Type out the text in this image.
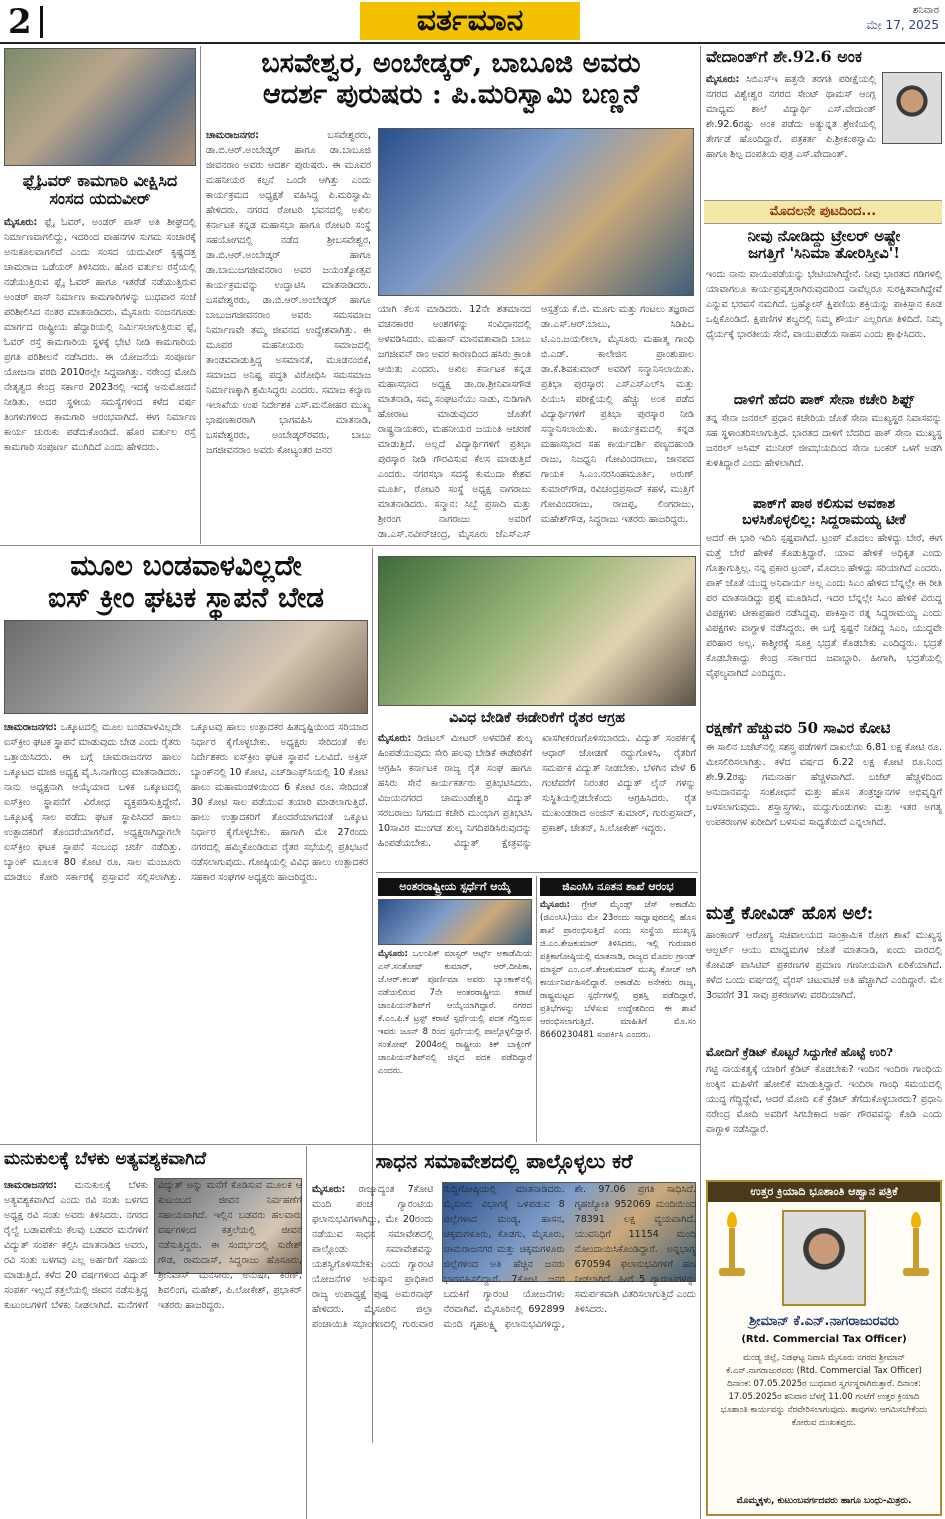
2	ವರ್ತಮಾನ	ಶನಿವಾರ
ಮೇ 17, 2025
ಫ್ಲೈಓವರ್ ಕಾಮಗಾರಿ ವೀಕ್ಷಿಸಿದ ಸಂಸದ ಯದುವೀರ್
ಮೈಸೂರು: ಫ್ಲೈ ಓವರ್, ಅಂಡರ್ ಪಾಸ್ ಅತಿ ಶೀಘ್ರದಲ್ಲಿ ನಿರ್ಮಾಣವಾಗಲಿದ್ದು, ಇದರಿಂದ ವಾಹನಗಳ ಸುಗಮ ಸಂಚಾರಕ್ಕೆ ಅನುಕೂಲವಾಗಲಿದೆ ಎಂದು ಸಂಸದ ಯದುವೀರ್ ಕೃಷ್ಣದತ್ತ ಚಾಮರಾಜ ಒಡೆಯರ್ ತಿಳಿಸಿದರು. ಹೊರ ವರ್ತುಲ ರಸ್ತೆಯಲ್ಲಿ ನಡೆಯುತ್ತಿರುವ ಫ್ಲೈ ಓವರ್ ಹಾಗೂ ಇತರೆಡೆ ನಡೆಯುತ್ತಿರುವ ಅಂಡರ್ ಪಾಸ್ ನಿರ್ಮಾಣ ಕಾಮಗಾರಿಗಳನ್ನು ಬುಧವಾರ ಸಂಜೆ ಪರಿಶೀಲಿಸಿದ ನಂತರ ಮಾತನಾಡಿದರು. ಮೈಸೂರು ನಂಜನಗೂಡು ಮಾರ್ಗದ ರಾಷ್ಟ್ರೀಯ ಹೆದ್ದಾರಿಯಲ್ಲಿ ನಿರ್ಮಿಸಲಾಗುತ್ತಿರುವ ಫ್ಲೈ ಓವರ್ ರಸ್ತೆ ಕಾಮಗಾರಿಯ ಸ್ಥಳಕ್ಕೆ ಭೇಟಿ ನೀಡಿ ಕಾಮಗಾರಿಯ ಪ್ರಗತಿ ಪರಿಶೀಲನೆ ನಡೆಸಿದರು. ಈ ಯೋಜನೆಯ ಸಂಪೂರ್ಣ ಯೋಜನಾ ವರದಿ 2010ರಲ್ಲೇ ಸಿದ್ಧವಾಗಿತ್ತು. ನರೇಂದ್ರ ಮೋದಿ ನೇತೃತ್ವದ ಕೇಂದ್ರ ಸರ್ಕಾರ 2023ರಲ್ಲಿ ಇದಕ್ಕೆ ಅನುಮೋದನೆ ನೀಡಿತು. ಅದರ ಸ್ಥಳೀಯ ಸಮಸ್ಯೆಗಳಿಂದ ಕಳೆದ ವರ್ಷ ತಿಂಗಳುಗಳಿಂದ ಕಾಮಗಾರಿ ಆರಂಭವಾಗಿದೆ. ಈಗ ನಿರ್ಮಾಣ ಕಾರ್ಯ ಚುರುಕು ಪಡೆದುಕೊಂಡಿದೆ. ಹೊರ ವರ್ತುಲ ರಸ್ತೆ ಕಾಮಗಾರಿ ಸಂಪೂರ್ಣ ಮುಗಿದಿದೆ ಎಂದು ಹೇಳಿದರು.
ಬಸವೇಶ್ವರ, ಅಂಬೇಡ್ಕರ್, ಬಾಬೂಜಿ ಅವರು
ಆದರ್ಶ ಪುರುಷರು : ಪಿ.ಮರಿಸ್ವಾಮಿ ಬಣ್ಣನೆ
ಚಾಮರಾಜನಗರ:	ಬಸವೇಶ್ವರರು, ಡಾ.ಬಿ.ಆರ್.ಅಂಬೇಡ್ಕರ್ ಹಾಗೂ ಡಾ.ಬಾಬೂಜಿ ಜೀವನರಾಂ ಅವರು ಆದರ್ಶ ಪುರುಷರು. ಈ ಮೂವರ ಮಹನೀಯರ ಕಲ್ಪನೆ ಒಂದೇ ಆಗಿತ್ತು ಎಂದು ಕಾರ್ಯಕ್ರಮದ ಅಧ್ಯಕ್ಷತೆ ವಹಿಸಿದ್ದ ಪಿ.ಮರಿಸ್ವಾಮಿ ಹೇಳಿದರು. ನಗರದ ರೋಟರಿ ಭವನದಲ್ಲಿ ಅಖಿಲ ಕರ್ನಾಟಕ ಕನ್ನಡ ಮಹಾಸಭಾ ಹಾಗೂ ರೋಟರಿ ಸಂಸ್ಥೆ ಸಹಯೋಗದಲ್ಲಿ ನಡೆದ ಶ್ರೀಬಸವೇಶ್ವರ, ಡಾ.ಬಿ.ಆರ್.ಅಂಬೇಡ್ಕರ್ ಹಾಗೂ ಡಾ.ಬಾಬುಜಗಜೀವನರಾಂ ಅವರ ಜಯಂತ್ಯೋತ್ಸವ ಕಾರ್ಯಕ್ರಮವನ್ನು ಉದ್ಘಾಟಿಸಿ ಮಾತನಾಡಿದರು. ಬಸವೇಶ್ವರರು, ಡಾ.ಬಿ.ಆರ್.ಅಂಬೇಡ್ಕರ್ ಹಾಗೂ ಬಾಬುಜಗಜೀವನರಾಂ ಅವರು ಸಮಸಮಾಜ ನಿರ್ಮಾಣವೇ ತಮ್ಮ ಜೀವನದ ಉದ್ದೇಶವಾಗಿತ್ತು. ಈ ಮೂವರ ಮಹನೀಯರು ಸಮಾಜದಲ್ಲಿ ತಾಂಡವವಾಡುತ್ತಿದ್ದ ಅಸಮಾನತೆ, ಮೂಡನಂಬಿಕೆ, ಸಮಾಜದ ಅನಿಷ್ಟ ಪದ್ಧತಿ ವಿರೋಧಿಸಿ ಸಮಸಮಾಜ ನಿರ್ಮಾಣಕ್ಕಾಗಿ ಶ್ರಮಿಸಿದ್ದರು ಎಂದರು. ಸಮಾಜ ಕಲ್ಯಾಣ ಇಲಾಖೆಯ ಉಪ ನಿರ್ದೇಶಕ ಎಸ್.ಮನೋಹರ ಮುಖ್ಯ ಭಾಷಣಕಾರರಾಗಿ ಭಾಗವಹಿಸಿ ಮಾತನಾಡಿ, ಬಸವೇಶ್ವರರು, ಅಂಬೇಡ್ಕರ್‌ರವರು, ಬಾಬು ಜಗಜೀವನರಾಂ ಅವರು ಕೋಟ್ಯಂತರ ಜನರ
ಯಾಗಿ ಕೆಲಸ ಮಾಡಿದರು. 12ನೇ ಶತಮಾನದ ವಚನಕಾರರ ಅಂಶಗಳನ್ನು ಸಂವಿಧಾನದಲ್ಲಿ ಅಳವಡಿಸಿದರು. ಮಹಾನ್ ಮಾನವತಾವಾದಿ ಬಾಬು ಜಗಜೀವನ್ ರಾಂ ಅವರ ಕಾರಣದಿಂದ ಹಸಿರು ಕ್ರಾಂತಿ ಆಯಿತು ಎಂದರು. ಅಖಿಲ ಕರ್ನಾಟಕ ಕನ್ನಡ ಮಹಾಸಭಾದ ಅಧ್ಯಕ್ಷ ಡಾ.ರಾ.ಶ್ರೀನಿವಾಸಗೌಡ ಮಾತನಾಡಿ, ಸಮ್ಮ ಸಂಘಟನೆಯು ನಾಡು, ನುಡಿಗಾಗಿ ಹೋರಾಟ ಮಾಡುವುದರ ಜೊತೆಗೆ ರಾಷ್ಟ್ರನಾಯಕರು, ಮಹನೀಯರ ಜಯಂತಿ ಆಚರಣೆ ಮಾಡುತ್ತಿದೆ. ಅಲ್ಲದೆ ವಿದ್ಯಾರ್ಥಿಗಳಿಗೆ ಪ್ರತಿಭಾ ಪುರಸ್ಕಾರ ನೀಡಿ ಗೌರವಿಸುವ ಕೆಲಸ ಮಾಡುತ್ತಿದೆ ಎಂದರು. ನಗರಸಭಾ ಸದಸ್ಯೆ ಕುಮುದಾ ಕೇಶವ ಮೂರ್ತಿ, ರೋಟರಿ ಸಂಸ್ಥೆ ಅಧ್ಯಕ್ಷ ನಾಗರಾಜು ಮಾತನಾಡಿದರು. ಸನ್ಮಾನ: ಸಿಬ್ಬೆ ಪ್ರಸಾದಿ ಮತ್ತು ಶ್ರೀರಂಗ ನಾಗರಾಜು ಅವರಿಗೆ ಡಾ.ಎಸ್.ನವೀನ್‌ಚಂದ್ರ, ಮೈಸೂರು ಜೆಎಸ್‌ಎಸ್ ಆಸ್ಪತ್ರೆಯ ಕೆ.ಬಿ. ಮೂಗು ಮತ್ತು ಗಂಟಲು ತಜ್ಞರಾದ ಡಾ.ಎಸ್.ಆರ್.ಬಾಬು, ಸಿಡಿಪಿಒ ಟಿ.ಎಂ.ಜಯಲೀಲಾ, ಮೈಸೂರು ಮಹಾತ್ಮ ಗಾಂಧಿ ಬಿ.ಎಡ್. ಕಾಲೇಜಿನ ಪ್ರಾಂಶುಪಾಲ ಡಾ.ಕೆ.ಶಿವಕುಮಾರ್ ಅವರಿಗೆ ಸನ್ಮಾನಿಸಲಾಯಿತು. ಪ್ರತಿಭಾ ಪುರಸ್ಕಾರ: ಎಸ್‌ಎಸ್‌ಎಲ್‌ಸಿ ಮತ್ತು ಪಿಯುಸಿ ಪರೀಕ್ಷೆಯಲ್ಲಿ ಹೆಚ್ಚು ಅಂಕ ಪಡೆದ ವಿದ್ಯಾರ್ಥಿಗಳಿಗೆ ಪ್ರತಿಭಾ ಪುರಸ್ಕಾರ ನೀಡಿ ಸನ್ಮಾನಿಸಲಾಯಿತು. ಕಾರ್ಯಕ್ರಮದಲ್ಲಿ ಕನ್ನಡ ಮಹಾಸಭಾದ ಸಹ ಕಾರ್ಯದರ್ಶಿ ಪಣ್ಯದಹುಂಡಿ ರಾಜು, ನಿಜಧ್ವನಿ ಗೋವಿಂದರಾಜು, ಜಾನಪದ ಗಾಯಕ ಸಿ.ಎಂ.ನರಸಿಂಹಮೂರ್ತಿ, ಅರುಣ್ ಕುಮಾರ್‌ಗೌಡ, ರವಿಚಂದ್ರಪ್ರಸಾದ್ ಕಹಳೆ, ಮುತ್ತಿಗೆ ಗೋವಿಂದರಾಜು, ರಾಜಪ್ಪ, ಲಿಂಗರಾಜು, ಮಹೇಶ್‌ಗೌಡ, ಸಿದ್ದರಾಜು ಇತರರು ಹಾಜರಿದ್ದರು.
ವೇದಾಂತ್‌ಗೆ ಶೇ.92.6 ಅಂಕ
ಮೈಸೂರು: ಸಿಬಿಎಸ್‌ಇ ಹತ್ತನೇ ತರಗತಿ ಪರೀಕ್ಷೆಯಲ್ಲಿ ನಗರದ ವಿಶ್ವೇಶ್ವರ ನಗರದ ಸೇಂಟ್ ಥಾಮಸ್ ಆಂಗ್ಲ ಮಾಧ್ಯಮ ಶಾಲೆ ವಿದ್ಯಾರ್ಥಿ ಎಸ್.ವೇದಾಂತ್ ಶೇ.92.6ರಷ್ಟು ಅಂಕ ಪಡೆದು ಅತ್ಯುನ್ನತ ಶ್ರೇಣಿಯಲ್ಲಿ ತೇರ್ಗಡೆ ಹೊಂದಿದ್ದಾರೆ. ಪತ್ರಕರ್ತ ಪಿ.ಶ್ರೀಕಂಠಸ್ವಾಮಿ ಹಾಗೂ ಶಿಲ್ಪ ದಂಪತಿಯ ಪುತ್ರ ಎಸ್.ವೇದಾಂತ್.
ಮೊದಲನೇ ಪುಟದಿಂದ...
ನೀವು ನೋಡಿದ್ದು ಟ್ರೇಲರ್ ಅಷ್ಟೇ
ಜಗತ್ತಿಗೆ 'ಸಿನಿಮಾ ತೋರಿಸ್ತೀವಿ'!
ಇಂದು ನಾನು ವಾಯುಪಡೆಯನ್ನು ಭೇಟಿಯಾಗಿದ್ದೇನೆ. ನೀವು ಭಾರತದ ಗಡಿಗಳಲ್ಲಿ ಯಾವಾಗಲೂ ಕಾರ್ಯಪ್ರವೃತ್ತರಾಗಿರುವುದರಿಂದ ನಾವೆಲ್ಲರೂ ಸುರಕ್ಷಿತವಾಗಿದ್ದೇವೆ ಎನ್ನುವ ಭರವಸೆ ನಮಗಿದೆ. ಬ್ರಹ್ಮೋಸ್ ಕ್ಷಿಪಣಿಯ ಶಕ್ತಿಯನ್ನು ಪಾಕಿಸ್ತಾನ ಕೂಡ ಒಪ್ಪಿಕೊಂಡಿದೆ. ಕ್ಷಿಪಣಿಗಳ ಶಬ್ದದಲ್ಲಿ ನಿಮ್ಮ ಶೌರ್ಯ ಎಲ್ಲರಿಗೂ ತಿಳಿದಿದೆ. ನಿಮ್ಮ ಧೈರ್ಯಕ್ಕೆ ಭಾರತೀಯ ಸೇನೆ, ವಾಯುಪಡೆಯ ಸಾಹಸ ಎಂದು ಶ್ಲಾಘಿಸಿದರು.
ದಾಳಿಗೆ ಹೆದರಿ ಪಾಕ್ ಸೇನಾ ಕಚೇರಿ ಶಿಫ್ಟ್
ತನ್ನ ಸೇನಾ ಜನರಲ್ ಪ್ರಧಾನ ಕಚೇರಿಯ ಜೊತೆ ಸೇನಾ ಮುಖ್ಯಸ್ಥರ ನಿವಾಸವನ್ನು ಸಹ ಸ್ಥಳಾಂತರಿಸಲಾಗುತ್ತಿದೆ. ಭಾರತದ ದಾಳಿಗೆ ಬೆದರಿದ ಪಾಕ್ ಸೇನಾ ಮುಖ್ಯಸ್ಥ ಜನರಲ್ ಅಸಿಮ್ ಮುನೀರ್ ಜೀವಭಯದಿಂದ ಸೇನಾ ಬಂಕರ್ ಒಳಗೆ ಅಡಗಿ ಕುಳಿತಿದ್ದಾರೆ ಎಂದು ಹೇಳಲಾಗಿದೆ.
ಪಾಕ್‌ಗೆ ಪಾಠ ಕಲಿಸುವ ಅವಕಾಶ
ಬಳಸಿಕೊಳ್ಳಲಿಲ್ಲ: ಸಿದ್ದರಾಮಯ್ಯ ಟೀಕೆ
ಅದರೆ ಈ ಭಾರಿ ಇದಿನಿ ಸ್ಪಷ್ಟವಾಗಿದೆ. ಟ್ರಂಪ್ ಮೊದಲು ಹೇಳಿದ್ದು ಬೇರೆ, ಈಗ ಮತ್ತೆ ಬೇರೆ ಹೇಳಿಕೆ ಕೊಡುತ್ತಿದ್ದಾರೆ. ಯಾವ ಹೇಳಿಕೆ ಅಧಿಕೃತ ಎಂದು ಗೊತ್ತಾಗುತ್ತಿಲ್ಲ. ನನ್ನ ಪ್ರಕಾರ ಟ್ರಂಪ್, ಮೊದಲು ಹೇಳಿದ್ದು ಸರಿಯಾಗಿದೆ ಎಂದರು. ಪಾಕ್ ಜೊತೆ ಯುದ್ಧ ಅನಿವಾರ್ಯ ಅಲ್ಲ ಎಂದು ಸಿಎಂ ಹೇಳಿದ ಬೆನ್ನಲ್ಲೇ ಈ ರೀತಿ ಪರ ಮಾತನಾಡಿದ್ದು ಪ್ರಶ್ನೆ ಮೂಡಿಸಿದೆ. ಇದರ ಬೆನ್ನಲ್ಲೇ ಸಿಎಂ ಹೇಳಿಕೆ ವಿರುದ್ಧ ವಿಪಕ್ಷಗಳು ಟೀಕಾಪ್ರಹಾರ ನಡೆಸಿದ್ದವು. ಪಾಕಿಸ್ತಾನ ರತ್ನ ಸಿದ್ದರಾಮಯ್ಯ ಎಂದು ವಿಪಕ್ಷಗಳು ವಾಗ್ದಾಳಿ ನಡೆಸಿದ್ದರು. ಈ ಬಗ್ಗೆ ಸ್ಪಷ್ಟನೆ ನೀಡಿದ್ದ ಸಿಎಂ, ಯುದ್ಧವೇ ಪರಿಹಾರ ಅಲ್ಲ. ಕಾಶ್ಮೀರಕ್ಕೆ ಸೂಕ್ತ ಭದ್ರತೆ ಕೊಡಬೇಕು ಎಂದಿದ್ದರು. ಭದ್ರತೆ ಕೊಡಬೇಕಾದ್ದು ಕೇಂದ್ರ ಸರ್ಕಾರದ ಜವಾಬ್ದಾರಿ. ಹೀಗಾಗಿ, ಭದ್ರತೆಯಲ್ಲಿ ವೈಫಲ್ಯವಾಗಿದೆ ಎಂದಿದ್ದರು.
ರಕ್ಷಣೆಗೆ ಹೆಚ್ಚುವರಿ 50 ಸಾವಿರ ಕೋಟಿ
ಈ ಸಾಲಿನ ಬಜೆಟ್‌ನಲ್ಲಿ ಸಶಸ್ತ್ರ ಪಡೆಗಳಿಗೆ ದಾಖಲೆಯ 6.81 ಲಕ್ಷ ಕೋಟಿ ರೂ. ಮೀಸಲಿರಿಸಲಾಗಿತ್ತು. ಕಳೆದ ವರ್ಷದ 6.22 ಲಕ್ಷ ಕೋಟಿ ರೂ.ನಿಂದ ಶೇ.9.2ರಷ್ಟು ಗಮನಾರ್ಹ ಹೆಚ್ಚಳವಾಗಿದೆ. ಬಜೆಟ್ ಹೆಚ್ಚಳದಿಂದ ಅನುದಾನವನ್ನು ಸಂಶೋಧನೆ ಮತ್ತು ಹೊಸ ತಂತ್ರಜ್ಞಾನಗಳ ಅಭಿವೃದ್ಧಿಗೆ ಬಳಸಲಾಗುವುದು. ಶಸ್ತ್ರಾಸ್ತ್ರಗಳು, ಮದ್ದುಗುಂಡುಗಳು ಮತ್ತು ಇತರ ಅಗತ್ಯ ಉಪಕರಣಗಳ ಖರೀದಿಗೆ ಬಳಸುವ ಸಾಧ್ಯತೆಯಿದೆ ಎನ್ನಲಾಗಿದೆ.
ಮತ್ತೆ ಕೋವಿಡ್ ಹೊಸ ಅಲೆ:
ಹಾಂಕಾಂಗ್ ಆರೋಗ್ಯ ಸಚಿವಾಲಯದ ಸಾಂಕ್ರಾಮಿಕ ರೋಗ ಶಾಖೆ ಮುಖ್ಯಸ್ಥ ಆಲ್ಬರ್ಟ್ ಆಯು ಮಾಧ್ಯಮಗಳ ಜೊತೆ ಮಾತನಾಡಿ, ಏಂದು ವಾರದಲ್ಲಿ ಕೋವಿಡ್ ಪಾಸಿಟಿವ್ ಪ್ರಕರಣಗಳ ಪ್ರಮಾಣ ಗಣನೀಯವಾಗಿ ಏರಿಕೆಯಾಗಿದೆ. ಕಳೆದ ಒಂದು ವರ್ಷದಲ್ಲಿ ವೈರಸ್ ಚಟುವಟಿಕೆ ಅತಿ ಹೆಚ್ಚಾಗಿದೆ ಎಂದಿದ್ದಾರೆ. ಮೇ 3ರವರೆಗೆ 31 ಸಾವು ಪ್ರಕರಣಗಳು ವರದಿಯಾಗಿದೆ.
ಮೋದಿಗೆ ಕ್ರೆಡಿಟ್ ಕೊಟ್ಟರೆ ಸಿದ್ದುಗೇಕೆ ಹೊಟ್ಟೆ ಉರಿ?
ಗಟ್ಟಿ ನಾಯಕತ್ವಕ್ಕೆ ಯಾರಿಗೆ ಕ್ರೆಡಿಟ್ ಕೊಡಬೇಕು? ಇಂದಿನ ಇಂದಿರಾ ಗಾಂಧಿಯ ಉಕ್ಕಿನ ಮಹಿಳೆಗೆ ಹೋಲಿಕೆ ಮಾಡುತ್ತಿದ್ದಾರೆ. ಇಂದಿರಾ ಗಾಂಧಿ ಸಮಯದಲ್ಲಿ ಯುದ್ಧ ಗೆದ್ದಿದ್ದೇವೆ, ಆದರೆ ಮೋದಿ ಏಕೆ ಕ್ರೆಡಿಟ್ ತೆಗೆದುಕೊಳ್ಳಬಾರದು? ಪ್ರಧಾನಿ ನರೇಂದ್ರ ಮೋದಿ ಅವರಿಗೆ ಸಿಗಬೇಕಾದ ಅರ್ಹ ಗೌರವವನ್ನು ಕೊಡಿ ಎಂದು ವಾಗ್ದಾಳಿ ನಡೆಸಿದ್ದಾರೆ.
ಉತ್ತರ ಕ್ರಿಯಾದಿ ಭೂಶಾಂತಿ ಆಹ್ವಾನ ಪತ್ರಿಕೆ
ಶ್ರೀಮಾನ್ ಕೆ.ಎನ್.ನಾಗರಾಜುರವರು
(Rtd. Commercial Tax Officer)
ಮಂಡ್ಯ ಜಿಲ್ಲೆ, ನಿಡಘಟ್ಟ ನಿವಾಸಿ ಮೈಸೂರು ನಗರದ ಶ್ರೀಮಾನ್ ಕೆ.ಎನ್.ನಾಗರಾಜುರವರು (Rtd. Commercial Tax Officer) ದಿನಾಂಕ: 07.05.2025ರ ಬುಧವಾರ ಸ್ವರ್ಗಸ್ಥರಾಗಿರುತ್ತಾರೆ. ದಿನಾಂಕ: 17.05.2025ರ ಶನಿವಾರ ಬೆಳಗ್ಗೆ 11.00 ಗಂಟೆಗೆ ಉತ್ತರ ಕ್ರಿಯಾದಿ ಭೂಶಾಂತಿ ಕಾರ್ಯವನ್ನು ನೆರವೇರಿಸಲಾಗುವುದು. ತಾವುಗಳು ಆಗಮಿಸಬೇಕೆಂದು ಕೋರುವ ದುಃಖತಪ್ತರು.
ಮೊಮ್ಮಕ್ಕಳು, ಕುಟುಂಬವರ್ಗದವರು ಹಾಗೂ ಬಂಧು-ಮಿತ್ರರು.
ಮೂಲ ಬಂಡವಾಳವಿಲ್ಲದೇ
ಐಸ್ ಕ್ರೀಂ ಘಟಕ ಸ್ಥಾಪನೆ ಬೇಡ
ಚಾಮರಾಜನಗರ: ಒಕ್ಕೂಟದಲ್ಲಿ ಮೂಲ ಬಂಡವಾಳವಿಲ್ಲದೇ ಐಸ್‌ಕ್ರೀಂ ಘಟಕ ಸ್ಥಾಪನೆ ಮಾಡುವುದು ಬೇಡ ಎಂದು ರೈತರು ಒತ್ತಾಯಿಸಿದರು. ಈ ಬಗ್ಗೆ ಚಾಮರಾಜನಗರ ಹಾಲು ಒಕ್ಕೂಟದ ಮಾಜಿ ಅಧ್ಯಕ್ಷ ವೈ.ಸಿ.ನಾಗೇಂದ್ರ ಮಾತನಾಡಿದರು. ನಾನು ಅಧ್ಯಕ್ಷನಾಗಿ ಆಯ್ಕೆಯಾದ ಬಳಿಕ ಒಕ್ಕೂಟದಲ್ಲಿ ಐಸ್‌ಕ್ರೀಂ ಸ್ಥಾಪನೆಗೆ ವಿರೋಧ ವ್ಯಕ್ತಪಡಿಸುತ್ತಿದ್ದೇನೆ. ಒಕ್ಕೂಟಕ್ಕೆ ಸಾಲ ಪಡೆದು ಘಟಕ ಸ್ಥಾಪಿಸಿದರೆ ಹಾಲು ಉತ್ಪಾದಕರಿಗೆ ತೊಂದರೆಯಾಗಲಿದೆ. ಅಧ್ಯಕ್ಷರಾಗಿದ್ದಾಗಲೇ ಐಸ್‌ಕ್ರೀಂ ಘಟಕ ಸ್ಥಾಪನೆ ಸಂಬಂಧ ಚರ್ಚೆ ನಡೆದಿತ್ತು. ಬ್ಯಾಂಕ್ ಮೂಲಕ 80 ಕೋಟಿ ರೂ. ಸಾಲ ಮಂಜೂರು ಮಾಡಲು ಕೋರಿ ಸರ್ಕಾರಕ್ಕೆ ಪ್ರಸ್ತಾವನೆ ಸಲ್ಲಿಸಲಾಗಿತ್ತು. ಒಕ್ಕೂಟವು ಹಾಲು ಉತ್ಪಾದಕರ ಹಿತದೃಷ್ಟಿಯಿಂದ ಸರಿಯಾದ ನಿರ್ಧಾರ ಕೈಗೊಳ್ಳಬೇಕು. ಅಧ್ಯಕ್ಷರು ಸೇರಿದಂತೆ ಕೆಲ ನಿರ್ದೇಶಕರು ಐಸ್‌ಕ್ರೀಂ ಘಟಕ ಸ್ಥಾಪನೆ ಒಲವಿದೆ. ಅಕ್ಸಿಸ್ ಬ್ಯಾಂಕ್‌ನಲ್ಲಿ 10 ಕೋಟಿ, ಎಚ್‌ಡಿಎಫ್‌ಸಿಯಲ್ಲಿ 10 ಕೋಟಿ ಹಾಲು ಮಹಾಮಂಡಳಿಯಿಂದ 6 ಕೋಟಿ ರೂ. ಸೇರಿದಂತೆ 30 ಕೋಟಿ ಸಾಲ ಪಡೆಯುವ ತಯಾರಿ ಮಾಡಲಾಗುತ್ತಿದೆ. ಹಾಲು ಉತ್ಪಾದಕರಿಗೆ ತೊಂದರೆಯಾಗದಂತೆ ಒಕ್ಕೂಟ ನಿರ್ಧಾರ ಕೈಗೊಳ್ಳಬೇಕು. ಹಾಗಾಗಿ ಮೇ 27ರಂದು ನಗರದಲ್ಲಿ ಹಮ್ಮಿಕೊಂಡಿರುವ ರೈತರ ಸಭೆಯಲ್ಲಿ ಪ್ರತಿಭಟನೆ ನಡೆಸಲಾಗುವುದು. ಗೋಷ್ಠಿಯಲ್ಲಿ ವಿವಿಧ ಹಾಲು ಉತ್ಪಾದಕರ ಸಹಕಾರ ಸಂಘಗಳ ಅಧ್ಯಕ್ಷರು ಹಾಜರಿದ್ದರು.
ವಿವಿಧ ಬೇಡಿಕೆ ಈಡೇರಿಕೆಗೆ ರೈತರ ಆಗ್ರಹ
ಮೈಸೂರು: ಡಿಜಿಟಲ್ ಮೀಟರ್ ಅಳವಡಿಕೆ ಶುಲ್ಕ ಹಿಂಪಡೆಯುವುದು ಸೇರಿ ಹಲವು ಬೇಡಿಕೆ ಈಡೇರಿಕೆಗೆ ಆಗ್ರಹಿಸಿ ಕರ್ನಾಟಕ ರಾಜ್ಯ ರೈತ ಸಂಘ ಹಾಗೂ ಹಸಿರು ಸೇನೆ ಕಾರ್ಯಕರ್ತರು ಪ್ರತಿಭಟಿಸಿದರು. ವಿಜಯನಗರದ ಚಾಮುಂಡೇಶ್ವರಿ ವಿದ್ಯುತ್ ಸರಬರಾಜು ನಿಗಮದ ಕಚೇರಿ ಮುಂಭಾಗ ಪ್ರತಿಭಟಿಸಿ 10ಸಾವಿರ ಮುಂಗಡ ಶುಲ್ಕ ನಿಗದಿಪಡಿಸಿರುವುದನ್ನು ಹಿಂಪಡೆಯಬೇಕು. ವಿದ್ಯುತ್ ಕ್ಷೇತ್ರವನ್ನು ಖಾಸಗೀಕರಣಗೊಳಿಸಬಾರದು. ವಿದ್ಯುತ್ ಸಂಪರ್ಕಕ್ಕೆ ಆಧಾರ್ ಜೋಡಣೆ ರದ್ದುಗೊಳಿಸಿ, ರೈತರಿಗೆ ಸಮರ್ಪಕ ವಿದ್ಯುತ್ ನೀಡಬೇಕು. ಬೆಳಗಿನ ವೇಳೆ 6 ಗಂಟೆವರೆಗೆ ನಿರಂತರ ವಿದ್ಯುತ್ ಲೈನ್ ಗಳನ್ನು ಸುಸ್ಥಿತಿಯಲ್ಲಿಡಬೇಕೆಂದು ಆಗ್ರಹಿಸಿದರು. ರೈತ ಮುಖಂಡರಾದ ಅಂಜಿನ್ ಕುಮಾರ್, ಗುರುಪ್ರಸಾದ್, ಪ್ರಕಾಶ್, ಚೇತನ್, ಸಿ.ಲೋಕೇಶ್ ಇದ್ದರು.
ಅಂತರರಾಷ್ಟ್ರೀಯ ಸ್ಪರ್ಧೆಗೆ ಆಯ್ಕೆ
ಮೈಸೂರು: ಒಲಂಪಿಕ್ ಮಾಸ್ಟರ್ ಆರ್ಟ್ಸ್ ಅಕಾಡೆಮಿಯ ಎಸ್.ಸಂತೋಷ್ ಕುಮಾರ್, ಆರ್.ದೀಪಿಕಾ, ಜೆ.ಆರ್.ಕಲಶ್ ಪೂರ್ಣಿಮಾ ಅವರು ಬ್ಯಾಂಕಾಕ್‌ನಲ್ಲಿ ನಡೆಯಲಿರುವ 7ನೇ ಅಂತರರಾಷ್ಟ್ರೀಯ ಕರಾಟೆ ಚಾಂಪಿಯನ್‌ಶಿಪ್‌ಗೆ ಆಯ್ಕೆಯಾಗಿದ್ದಾರೆ. ನಗರದ ಕೆ.ಎಂ.ಪಿ.ಕೆ ಟ್ರಸ್ಟ್ ಕರಾಟೆ ಸ್ಪರ್ಧೆಯಲ್ಲಿ ಪದಕ ಗೆದ್ದಿರುವ ಇವರು ಜೂನ್ 8 ರಿಂದ ಸ್ಪರ್ಧೆಯಲ್ಲಿ ಪಾಲ್ಗೊಳ್ಳಲಿದ್ದಾರೆ. ಸಂತೋಷ್ 2004ರಲ್ಲಿ ರಾಷ್ಟ್ರೀಯ ಕಿಕ್ ಬಾಕ್ಸಿಂಗ್ ಚಾಂಪಿಯನ್‌ಶಿಪ್‌ನಲ್ಲಿ ಚಿನ್ನದ ಪದಕ ಪಡೆದಿದ್ದಾರೆ ಎಂದರು.
ಜಿಎಂಸಿಸಿ ನೂತನ ಶಾಖೆ ಆರಂಭ
ಮೈಸೂರು: ಗ್ರೇಟ್ ಮೈಂಡ್ಸ್ ಚೆಸ್ ಅಕಾಡೆಮಿ (ಜಿಎಂಸಿಸಿ)ಯು ಮೇ 23ರಂದು ಸಾಧ್ವಾಪುರದಲ್ಲಿ ಹೊಸ ಶಾಖೆ ಪ್ರಾರಂಭಿಸುತ್ತಿದೆ ಎಂದು ಸಂಸ್ಥೆಯ ಮುಖ್ಯಸ್ಥ ಜಿ.ಎಂ.ತೇಜಕುಮಾರ್ ತಿಳಿಸಿದರು. ಇಲ್ಲಿ ಗುರುವಾರ ಪತ್ರಿಕಾಗೋಷ್ಠಿಯಲ್ಲಿ ಮಾತನಾಡಿ, ರಾಜ್ಯದ ಮೊದಲ ಗ್ರಾಂಡ್ ಮಾಸ್ಟರ್ ಎಂ.ಎಸ್.ತೇಜಕುಮಾರ್ ಮುಖ್ಯ ಕೋಚ್ ಆಗಿ ಕಾರ್ಯನಿರ್ವಹಿಸಲಿದ್ದಾರೆ. ಅಕಾಡೆಮಿ ಅನೇಕರು ರಾಜ್ಯ, ರಾಷ್ಟ್ರಮಟ್ಟದ ಸ್ಪರ್ಧೆಗಳಲ್ಲಿ ಪ್ರಶಸ್ತಿ ಪಡೆದಿದ್ದಾರೆ. ಪ್ರತಿಭೆಗಳನ್ನು ಬೆಳೆಸುವ ಉದ್ದೇಶದಿಂದ ಈ ಶಾಖೆ ಆರಂಭಿಸಲಾಗುತ್ತಿದೆ. ಮಾಹಿತಿಗೆ ಮೊ.ಸಂ 8660230481 ಸಂಪರ್ಕಿಸಿ ಎಂದರು.
ಮನುಕುಲಕ್ಕೆ ಬೆಳಕು ಅತ್ಯವಶ್ಯಕವಾಗಿದೆ
ಚಾಮರಾಜನಗರ: ಮನುಕುಲಕ್ಕೆ ಬೆಳಕು ಅತ್ಯವಶ್ಯಕವಾಗಿದೆ ಎಂದು ರವಿ ಸಂತು ಬಳಗದ ಅಧ್ಯಕ್ಷ ರವಿ ಸಂತು ಅವರು ತಿಳಿಸಿದರು. ನಗರದ ರೈಲ್ವೆ ಬಡಾವಣೆಯ ಕೆಲವು ಬಡವರ ಮನೆಗಳಿಗೆ ವಿದ್ಯುತ್ ಸಂಪರ್ಕ ಕಲ್ಪಿಸಿ ಮಾತನಾಡಿದ ಅವರು, ರವಿ ಸಂತು ಬಳಗವು ಎಲ್ಲ ಅರ್ಹರಿಗೆ ಸಹಾಯ ಮಾಡುತ್ತಿದೆ. ಕಳೆದ 20 ವರ್ಷಗಳಿಂದ ವಿದ್ಯುತ್ ಸಂಪರ್ಕ ಇಲ್ಲದೆ ಕತ್ತಲೆಯಲ್ಲಿ ಜೀವನ ನಡೆಸುತ್ತಿದ್ದ ಕುಟುಂಬಗಳಿಗೆ ಬೆಳಕು ನೀಡಲಾಗಿದೆ. ಮನೆಗಳಿಗೆ ವಿದ್ಯುತ್ ಅನ್ನು ಮನೆಗೆ ಕೊಡಿಸುವ ಮೂಲಕ ಆ ಕುಟುಂಬದ ಜೀವನ ನಿರ್ವಹಣೆಗೆ ಸಹಾಯವಾಗಿದೆ. ಇಲ್ಲಿನ ಬಡವರು ಹಲವಾರು ವರ್ಷಗಳಿಂದ ಕತ್ತಲೆಯಲ್ಲಿ ಜೀವನ ನಡೆಸುತ್ತಿದ್ದರು. ಈ ಸಂದರ್ಭದಲ್ಲಿ ಸುರೇಶ್ ಗೌಡ, ರಾಮದಾಸ್, ಸಿದ್ದರಾಜು ಹೊಸೂರು, ಶ್ರೀನಿವಾಸ್ ಮನಸಾರು, ಅನುಷಾ, ಕಿರಣ್, ಶಿವಲಿಂಗ, ಮಹೇಶ್, ಪಿ.ಲೋಕೇಶ್, ಪ್ರಭಾಕರ್ ಇತರರು ಹಾಜರಿದ್ದರು.
ಸಾಧನ ಸಮಾವೇಶದಲ್ಲಿ ಪಾಲ್ಗೊಳ್ಳಲು ಕರೆ
ಮೈಸೂರು: ರಾಜ್ಯಾದ್ಯಂತ 7ಕೋಟಿ ಮಂದಿ ಪಂಚ ಗ್ಯಾರಂಟಿಯ ಫಲಾನುಭವಿಗಳಾಗಿದ್ದು, ಮೇ 20ರಂದು ನಡೆಯುವ ಸಾಧನ ಸಮಾವೇಶದಲ್ಲಿ ಪಾಲ್ಗೊಂಡು ಸಮಾವೇಶವನ್ನು ಯಶಸ್ವಿಗೊಳಿಸಬೇಕು ಎಂದು ಗ್ಯಾರಂಟಿ ಯೋಜನೆಗಳ ಅನುಷ್ಠಾನ ಪ್ರಾಧಿಕಾರ ರಾಜ್ಯ ಉಪಾಧ್ಯಕ್ಷೆ ಪುಷ್ಪ ಅಮರನಾಥ್ ಹೇಳಿದರು. ಮೈಸೂರಿನ ಜಿಲ್ಲಾ ಪಂಚಾಯಿತಿ ಸಭಾಂಗಣದಲ್ಲಿ ಗುರುವಾರ ಸುದ್ದಿಗೋಷ್ಠಿಯಲ್ಲಿ ಮಾತನಾಡಿದರು. ಮೈಸೂರು ವಿಭಾಗಕ್ಕೆ ಒಳಪಡುವ 8 ಜಿಲ್ಲೆಗಳಾದ ಮಂಡ್ಯ, ಹಾಸನ, ಚಿಕ್ಕಮಗಳೂರು, ಕೊಡಗು, ಮೈಸೂರು, ಚಾಮರಾಜನಗರ ಮತ್ತು ಚಿಕ್ಕಮಗಳೂರು ಜಿಲ್ಲೆಗಳಿಂದ ಅತಿ ಹೆಚ್ಚಿನ ಜನರು ಭಾಗವಹಿಸಲಿದ್ದಾರೆ. 7ಕೋಟಿ ಜನರ ಬದುಕಿಗೆ ಗ್ಯಾರಂಟಿ ಯೋಜನೆಗಳು ನೆರವಾಗಿವೆ. ಮೈಸೂರಿನಲ್ಲಿ 692899 ಮಂದಿ ಗೃಹಲಕ್ಷ್ಮಿ ಫಲಾನುಭವಿಗಳಿದ್ದು, ಶೇ. 97.06 ಪ್ರಗತಿ ಸಾಧಿಸಿದೆ. ಗೃಹಜ್ಯೋತಿ 952069 ಮಂದಿಯಿಂದ 78391 ಲಕ್ಷ ವ್ಯಯವಾಗಿದೆ. ಯುವನಿಧಿಗೆ 11154 ಮಂದಿ ನೋಂದಾಯಿಸಿಕೊಂಡಿದ್ದಾರೆ. ಅನ್ನಭಾಗ್ಯ 670594 ಫಲಾನುಭವಿಗಳಿಗೆ ಹಣ ನೀಡಲಾಗಿದೆ. ಹೀಗೆ 5 ಗ್ಯಾರಂಟಿಗಳನ್ನು ಸಮರ್ಪಕವಾಗಿ ವಿತರಿಸಲಾಗುತ್ತಿದೆ ಎಂದು ತಿಳಿಸಿದರು.
